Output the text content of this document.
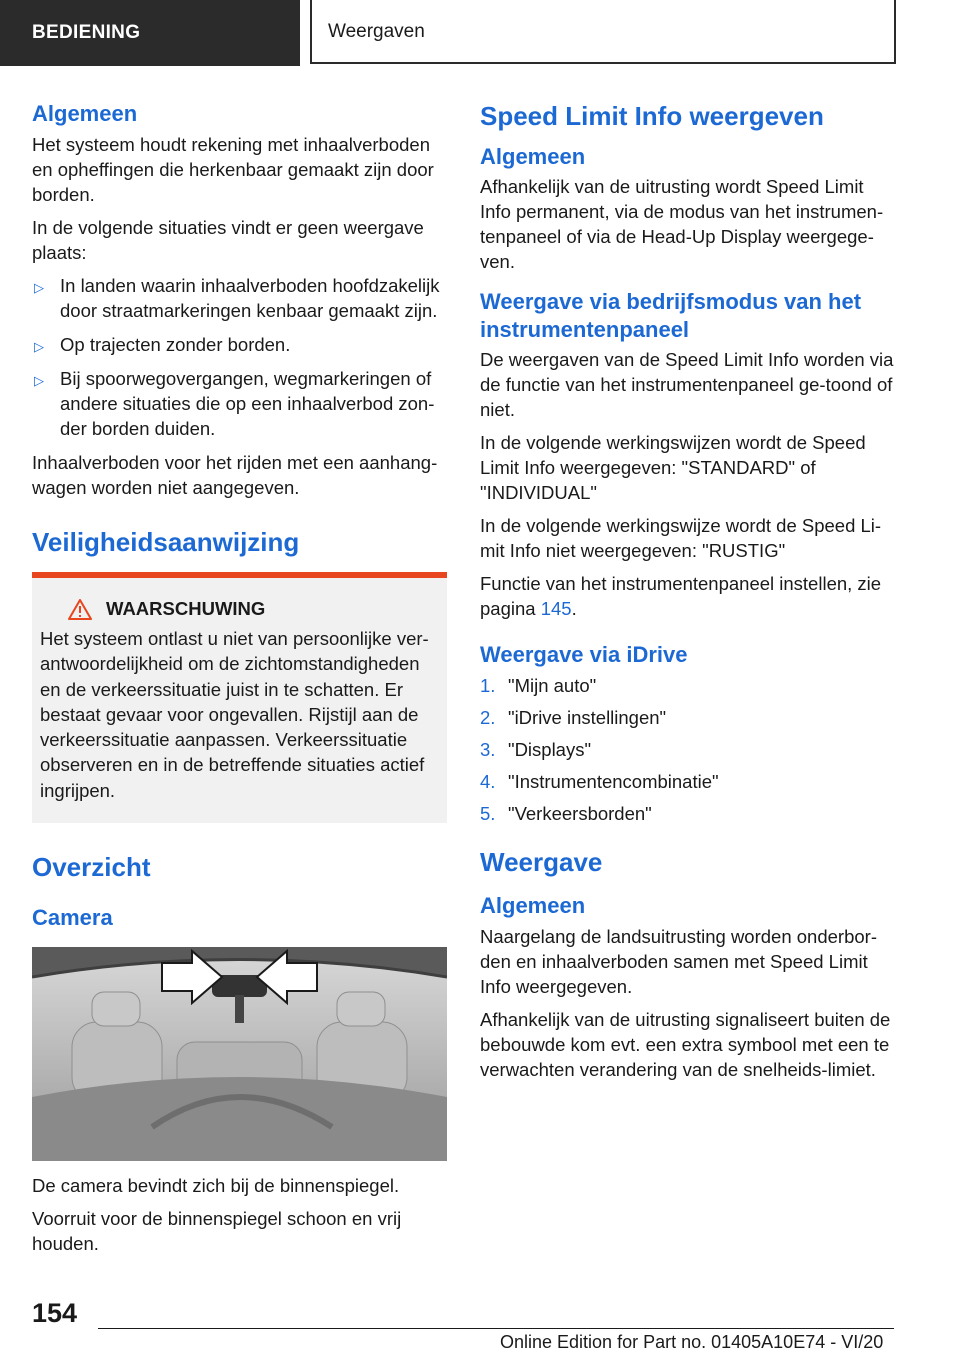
BEDIENING	Weergaven
Algemeen

Het systeem houdt rekening met inhaalverboden en opheffingen die herkenbaar gemaakt zijn door borden.

In de volgende situaties vindt er geen weergave plaats:

▷ In landen waarin inhaalverboden hoofdzakelijk door straatmarkeringen kenbaar gemaakt zijn.
▷ Op trajecten zonder borden.
▷ Bij spoorwegovergangen, wegmarkeringen of andere situaties die op een inhaalverbod zon-der borden duiden.

Inhaalverboden voor het rijden met een aanhang-wagen worden niet aangegeven.

Veiligheidsaanwijzing
WAARSCHUWING

Het systeem ontlast u niet van persoonlijke ver-antwoordelijkheid om de zichtomstandigheden en de verkeerssituatie juist in te schatten. Er bestaat gevaar voor ongevallen. Rijstijl aan de verkeerssituatie aanpassen. Verkeerssituatie observeren en in de betreffende situaties actief ingrijpen.

Overzicht
Camera

De camera bevindt zich bij de binnenspiegel.

Voorruit voor de binnenspiegel schoon en vrij houden.

Speed Limit Info weergeven
Algemeen

Afhankelijk van de uitrusting wordt Speed Limit Info permanent, via de modus van het instrumen-tenpaneel of via de Head-Up Display weergege-ven.

Weergave via bedrijfsmodus van het instrumentenpaneel

De weergaven van de Speed Limit Info worden via de functie van het instrumentenpaneel ge-toond of niet.

In de volgende werkingswijzen wordt de Speed Limit Info weergegeven: "STANDARD" of "INDIVIDUAL"

In de volgende werkingswijze wordt de Speed Li-mit Info niet weergegeven: "RUSTIG"

Functie van het instrumentenpaneel instellen, zie pagina 145.

Weergave via iDrive
1. "Mijn auto"
2. "iDrive instellingen"
3. "Displays"
4. "Instrumentencombinatie"
5. "Verkeersborden"
Weergave
Algemeen

Naargelang de landsuitrusting worden onderbor-den en inhaalverboden samen met Speed Limit Info weergegeven.

Afhankelijk van de uitrusting signaliseert buiten de bebouwde kom evt. een extra symbool met een te verwachten verandering van de snelheids-limiet.

154
Online Edition for Part no. 01405A10E74 - VI/20
